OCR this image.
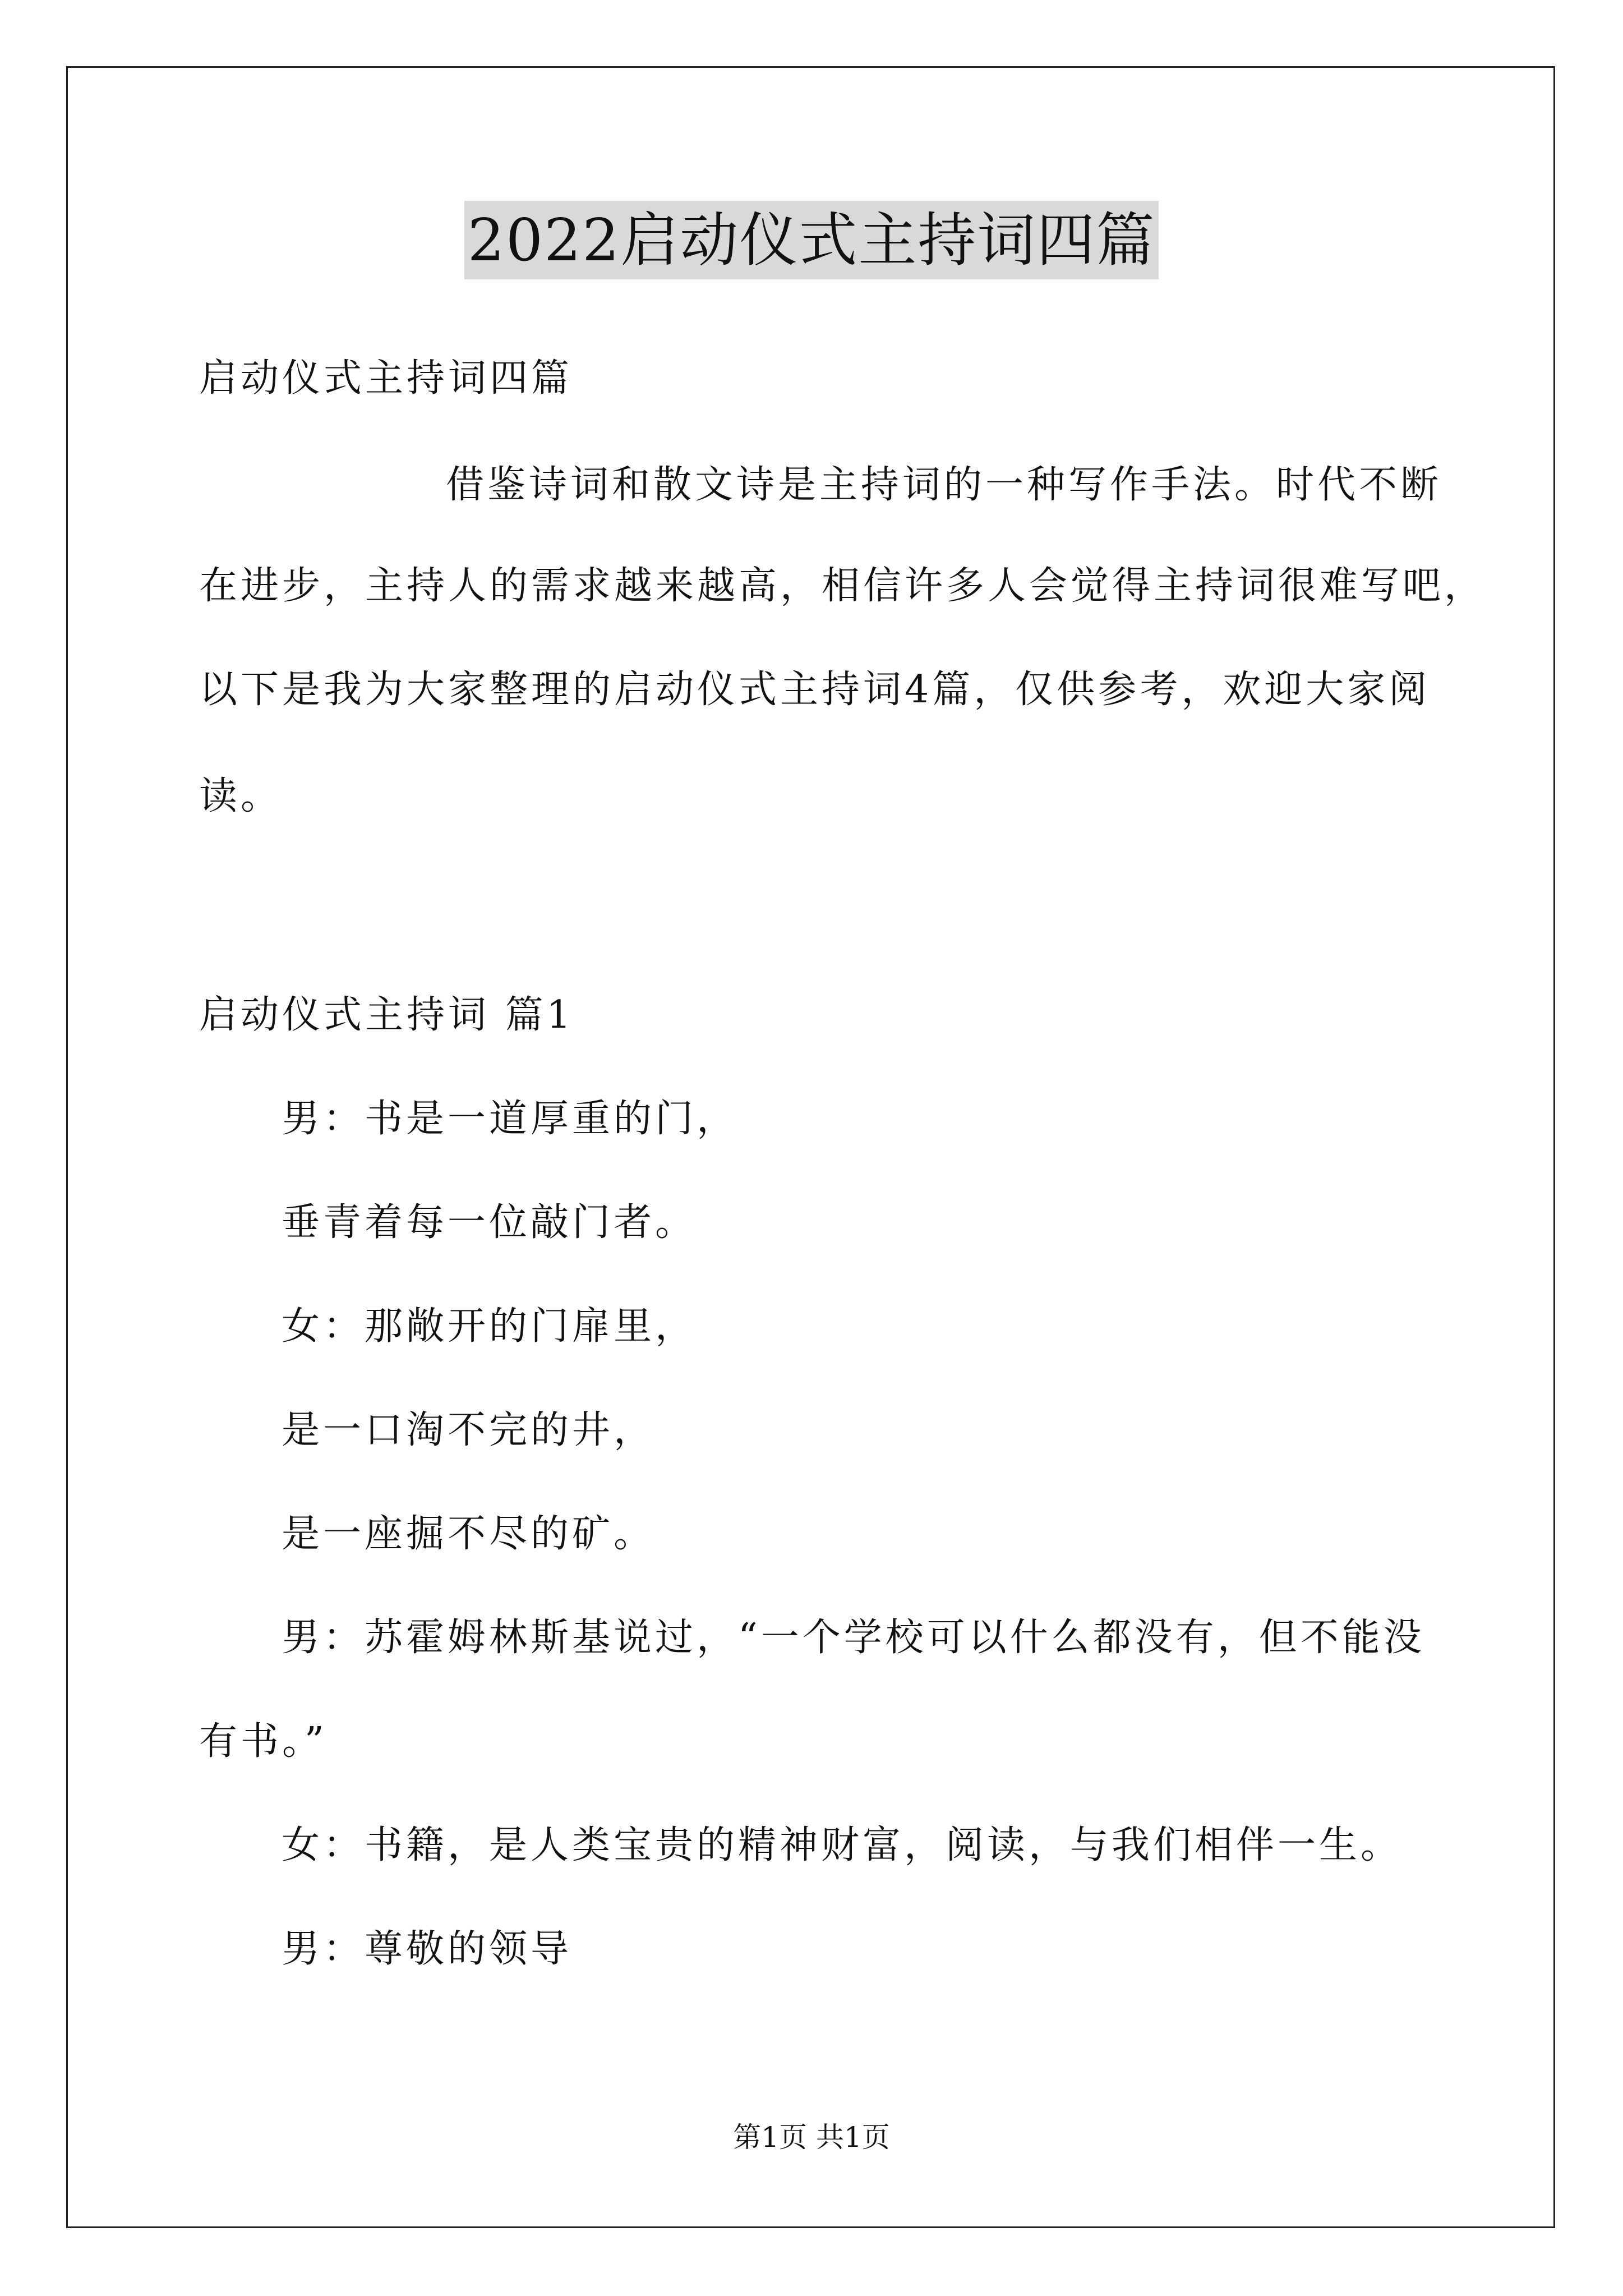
2022启动仪式主持词四篇
启动仪式主持词四篇
借鉴诗词和散文诗是主持词的一种写作手法。时代不断
在进步，主持人的需求越来越高，相信许多人会觉得主持词很难写吧，
以下是我为大家整理的启动仪式主持词4篇，仅供参考，欢迎大家阅
读。
启动仪式主持词 篇1
男：书是一道厚重的门，
垂青着每一位敲门者。
女：那敞开的门扉里，
是一口淘不完的井，
是一座掘不尽的矿。
男：苏霍姆林斯基说过，“一个学校可以什么都没有，但不能没
有书。”
女：书籍，是人类宝贵的精神财富，阅读，与我们相伴一生。
男：尊敬的领导
第1页 共1页
